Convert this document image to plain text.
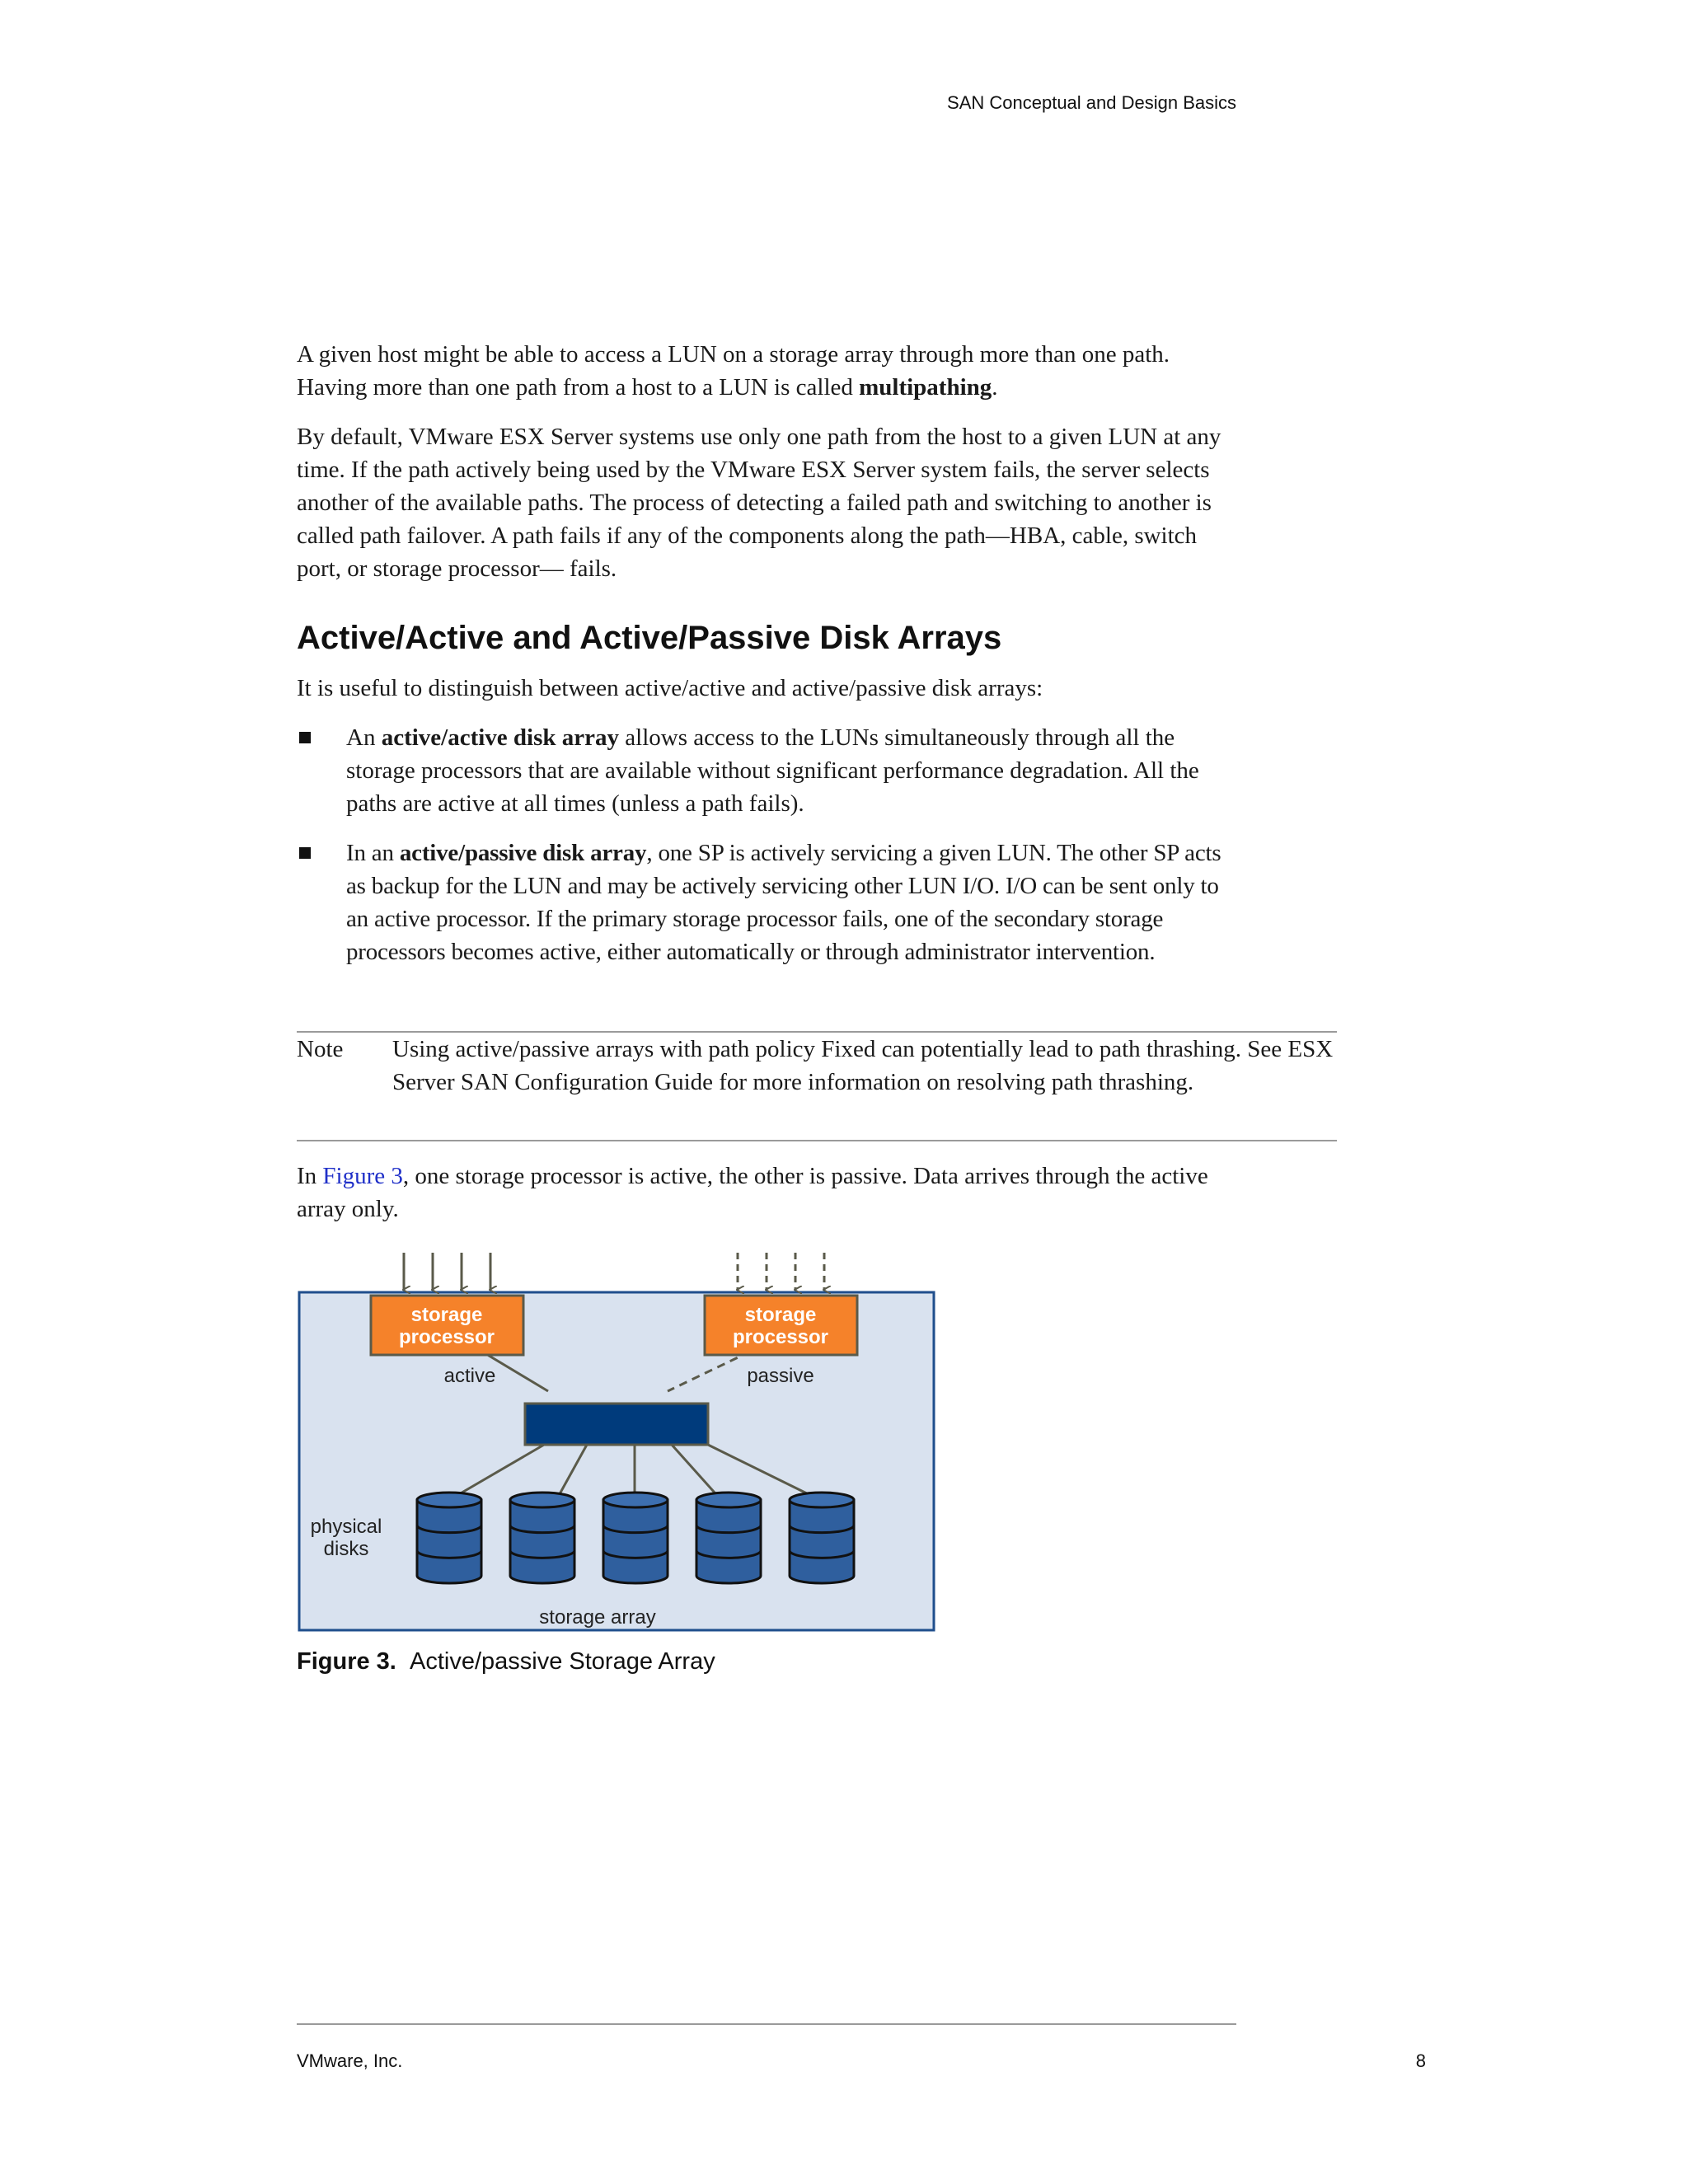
SAN Conceptual and Design Basics

A given host might be able to access a LUN on a storage array through more than one path. Having more than one path from a host to a LUN is called multipathing.

By default, VMware ESX Server systems use only one path from the host to a given LUN at any time. If the path actively being used by the VMware ESX Server system fails, the server selects another of the available paths. The process of detecting a failed path and switching to another is called path failover. A path fails if any of the components along the path—HBA, cable, switch port, or storage processor— fails.

Active/Active and Active/Passive Disk Arrays

It is useful to distinguish between active/active and active/passive disk arrays:

An active/active disk array allows access to the LUNs simultaneously through all the storage processors that are available without significant performance degradation. All the paths are active at all times (unless a path fails).
In an active/passive disk array, one SP is actively servicing a given LUN. The other SP acts as backup for the LUN and may be actively servicing other LUN I/O. I/O can be sent only to an active processor. If the primary storage processor fails, one of the secondary storage processors becomes active, either automatically or through administrator intervention.
Note Using active/passive arrays with path policy Fixed can potentially lead to path thrashing. See ESX Server SAN Configuration Guide for more information on resolving path thrashing.

In Figure 3, one storage processor is active, the other is passive. Data arrives through the active array only.

storage
processor
storage
processor
active	passive
physical
disks
storage array
Figure 3. Active/passive Storage Array
VMware, Inc.	8
